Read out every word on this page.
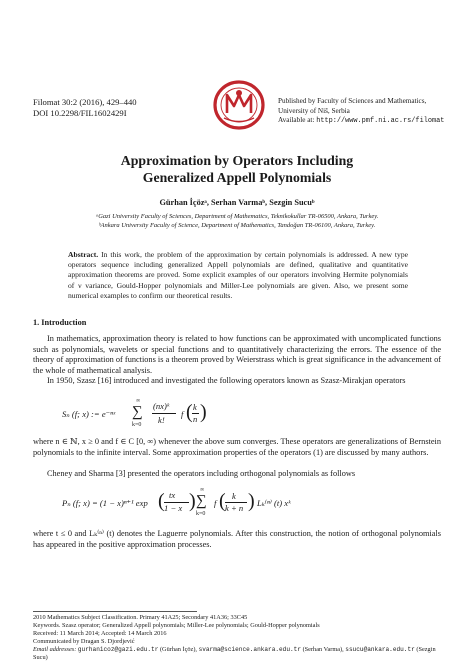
Filomat 30:2 (2016), 429–440
DOI 10.2298/FIL1602429I
Published by Faculty of Sciences and Mathematics,
University of Niš, Serbia
Available at: http://www.pmf.ni.ac.rs/filomat
Approximation by Operators Including
Generalized Appell Polynomials
Gürhan İçözᵃ, Serhan Varmaᵇ, Sezgin Sucuᵇ
ᵃGazi University Faculty of Sciences, Department of Mathematics, Teknikokullar TR-06500, Ankara, Turkey.
ᵇAnkara University Faculty of Science, Department of Mathematics, Tandoğan TR-06100, Ankara, Turkey.
Abstract. In this work, the problem of the approximation by certain polynomials is addressed. A new type operators sequence including generalized Appell polynomials are defined, qualitative and quantitative approximation theorems are proved. Some explicit examples of our operators involving Hermite polynomials of ν variance, Gould-Hopper polynomials and Miller-Lee polynomials are given. Also, we present some numerical examples to confirm our theoretical results.
1. Introduction
In mathematics, approximation theory is related to how functions can be approximated with uncomplicated functions such as polynomials, wavelets or special functions and to quantitatively characterizing the errors. The essence of the theory of approximation of functions is a theorem proved by Weierstrass which is great significance in the advancement of the whole of mathematical analysis.
In 1950, Szasz [16] introduced and investigated the following operators known as Szasz-Mirakjan operators
Sₙ (f; x) := e⁻ⁿˣ
∞
∑
k=0
(nx)ᵏ
k!
f ( k
n )
where n ∈ ℕ, x ≥ 0 and f ∈ C [0, ∞) whenever the above sum converges. These operators are generalizations of Bernstein polynomials to the infinite interval. Some approximation properties of the operators (1) are discussed by many authors.
Cheney and Sharma [3] presented the operators including orthogonal polynomials as follows
Pₙ (f; x) = (1 − x)ⁿ⁺¹ exp ( tx
1 − x ) ∞
∑
k=0
f ( k
k + n ) Lₖ⁽ⁿ⁾ (t) xᵏ
where t ≤ 0 and Lₖ⁽ⁿ⁾ (t) denotes the Laguerre polynomials. After this construction, the notion of orthogonal polynomials has appeared in the positive approximation processes.
2010 Mathematics Subject Classification. Primary 41A25; Secondary 41A36; 33C45
Keywords. Szasz operator; Generalized Appell polynomials; Miller-Lee polynomials; Gould-Hopper polynomials
Received: 11 March 2014; Accepted: 14 March 2016
Communicated by Dragan S. Djordjević
Email addresses: gurhanicoz@gazi.edu.tr (Gürhan İçöz), svarma@science.ankara.edu.tr (Serhan Varma), ssucu@ankara.edu.tr (Sezgin Sucu)
